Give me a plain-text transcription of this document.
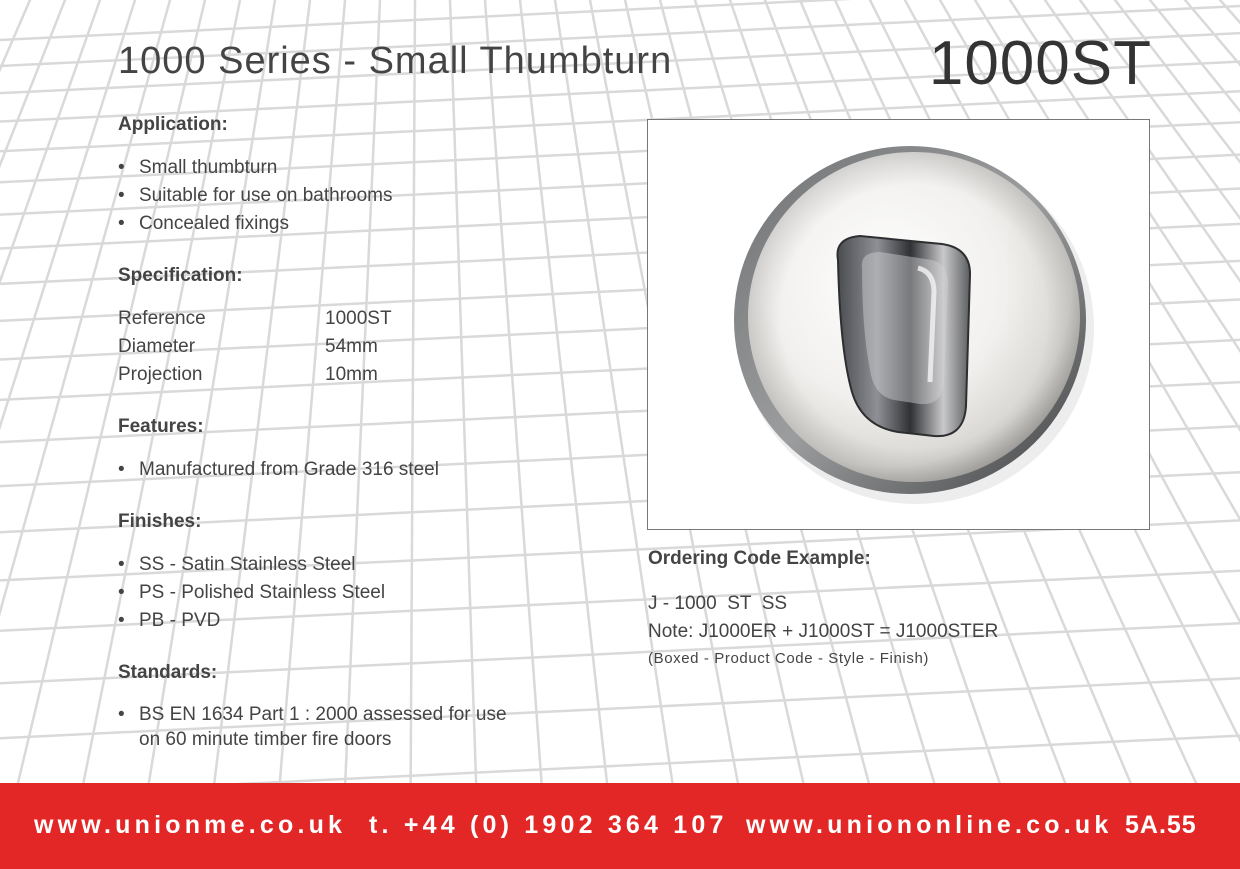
1000 Series - Small Thumbturn	1000ST
Application:
• Small thumbturn
• Suitable for use on bathrooms
• Concealed fixings
Specification:
Reference	1000ST
Diameter	54mm
Projection	10mm
Features:
• Manufactured from Grade 316 steel
Finishes:
• SS - Satin Stainless Steel
• PS - Polished Stainless Steel
• PB - PVD
Standards:
• BS EN 1634 Part 1 : 2000 assessed for use
on 60 minute timber fire doors
Ordering Code Example:
J - 1000  ST  SS
Note: J1000ER + J1000ST = J1000STER
(Boxed - Product Code - Style - Finish)
www.unionme.co.uk t. +44 (0) 1902 364 107 www.uniononline.co.uk 5A.55
